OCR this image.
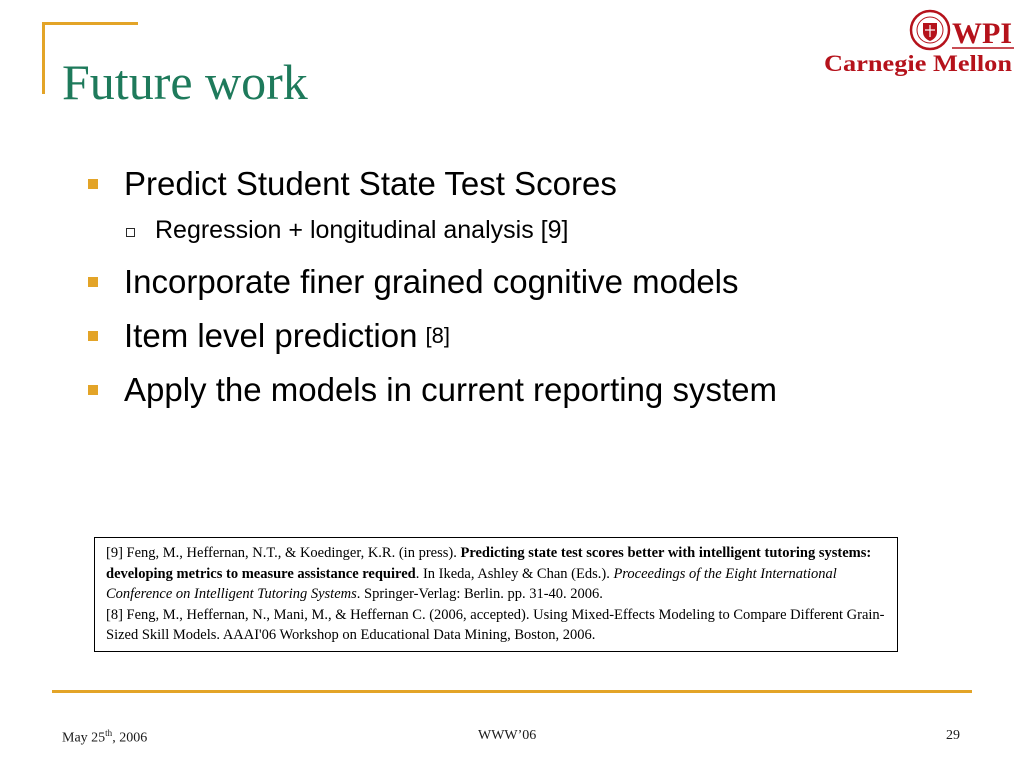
Future work
WPI
Carnegie Mellon
Predict Student State Test Scores
Regression + longitudinal analysis [9]
Incorporate finer grained cognitive models
Item level prediction [8]
Apply the models in current reporting system

[9] Feng, M., Heffernan, N.T., & Koedinger, K.R. (in press). Predicting state test scores better with intelligent tutoring systems: developing metrics to measure assistance required. In Ikeda, Ashley & Chan (Eds.). Proceedings of the Eight International Conference on Intelligent Tutoring Systems. Springer-Verlag: Berlin. pp. 31-40. 2006.

[8] Feng, M., Heffernan, N., Mani, M., & Heffernan C. (2006, accepted). Using Mixed-Effects Modeling to Compare Different Grain-Sized Skill Models. AAAI'06 Workshop on Educational Data Mining, Boston, 2006.

May 25th, 2006	WWW’06	29
